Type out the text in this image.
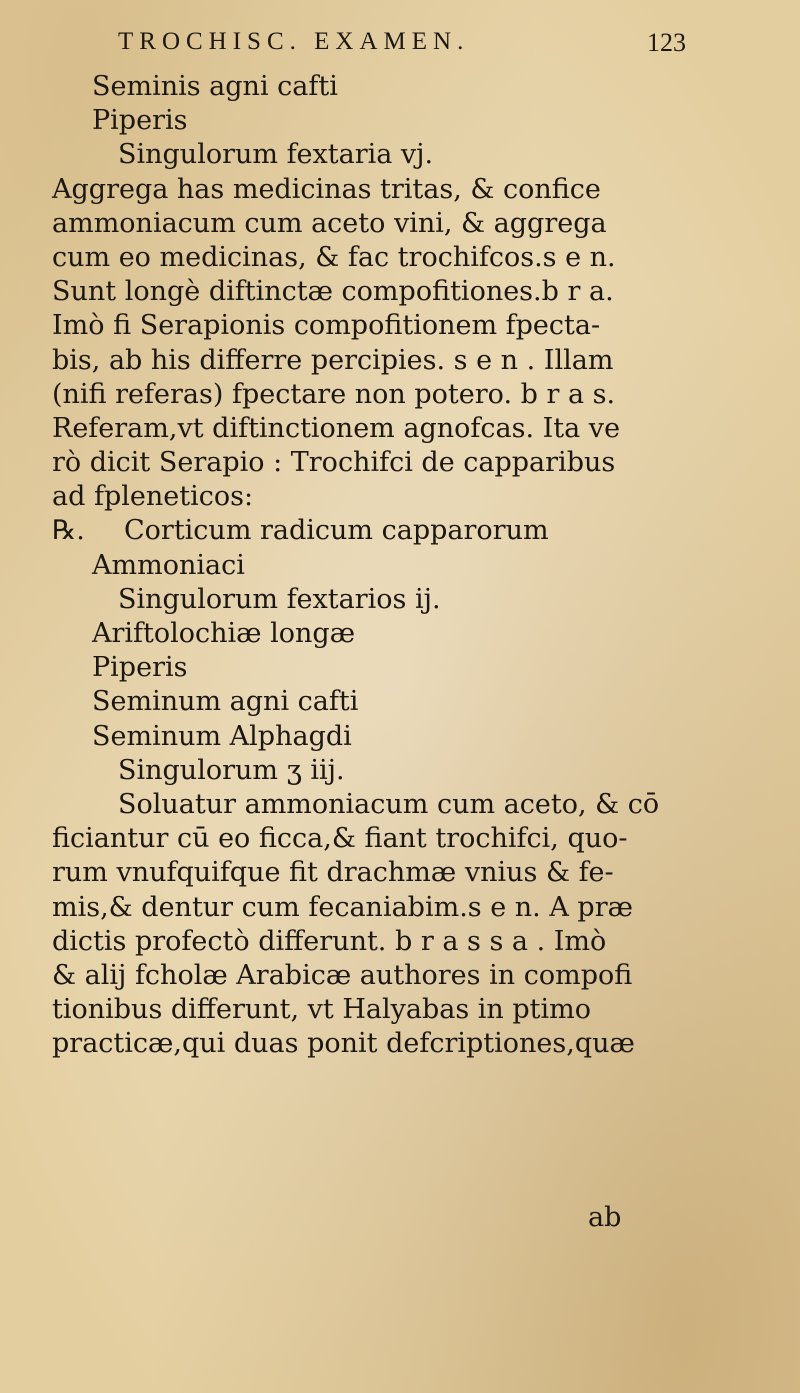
TROCHISC. EXAMEN.	123
Seminis agni cafti
Piperis
Singulorum fextaria vj.
Aggrega has medicinas tritas, & confice
ammoniacum cum aceto vini, & aggrega
cum eo medicinas, & fac trochifcos.s e n.
Sunt longè diftinctæ compofitiones.b r a.
Imò fi Serapionis compofitionem fpecta-
bis, ab his differre percipies. s e n . Illam
(nifi referas) fpectare non potero. b r a s.
Referam,vt diftinctionem agnofcas. Ita ve
rò dicit Serapio : Trochifci de capparibus
ad fpleneticos:
℞. Corticum radicum capparorum
Ammoniaci
Singulorum fextarios ij.
Ariftolochiæ longæ
Piperis
Seminum agni cafti
Seminum Alphagdi
Singulorum ʒ iij.
Soluatur ammoniacum cum aceto, & cō
ficiantur cū eo ficca,& fiant trochifci, quo-
rum vnufquifque fit drachmæ vnius & fe-
mis,& dentur cum fecaniabim.s e n. A præ
dictis profectò differunt. b r a s s a . Imò
& alij fcholæ Arabicæ authores in compofi
tionibus differunt, vt Halyabas in ptimo
practicæ,qui duas ponit defcriptiones,quæ
ab
